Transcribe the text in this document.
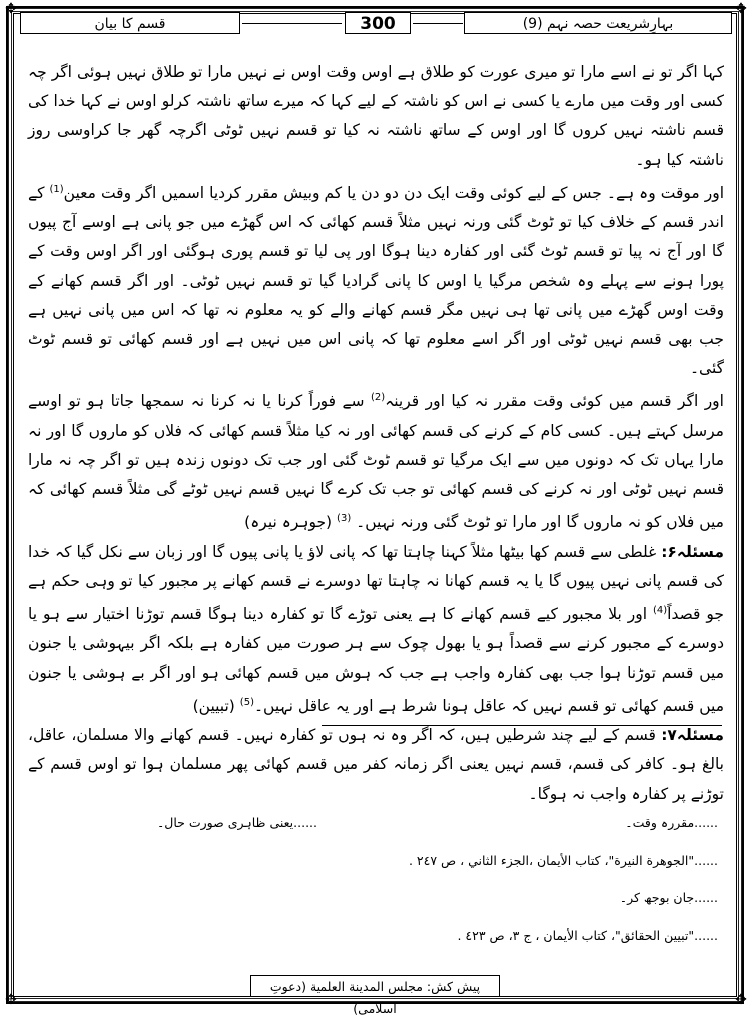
✥	✥
✥	✥
بہارِشریعت حصہ نہم (9)
300
قسم کا بیان

کہا اگر تو نے اسے مارا تو میری عورت کو طلاق ہے اوس وقت اوس نے نہیں مارا تو طلاق نہیں ہوئی اگر چہ کسی اور وقت میں مارے یا کسی نے اس کو ناشتہ کے لیے کہا کہ میرے ساتھ ناشتہ کرلو اوس نے کہا خدا کی قسم ناشتہ نہیں کروں گا اور اوس کے ساتھ ناشتہ نہ کیا تو قسم نہیں ٹوٹی اگرچہ گھر جا کراوسی روز ناشتہ کیا ہو۔

اور موقت وہ ہے۔ جس کے لیے کوئی وقت ایک دن دو دن یا کم وبیش مقرر کردیا اسمیں اگر وقت معین$^{(1)}$ کے اندر قسم کے خلاف کیا تو ٹوٹ گئی ورنہ نہیں مثلاً قسم کھائی کہ اس گھڑے میں جو پانی ہے اوسے آج پیوں گا اور آج نہ پیا تو قسم ٹوٹ گئی اور کفارہ دینا ہوگا اور پی لیا تو قسم پوری ہوگئی اور اگر اوس وقت کے پورا ہونے سے پہلے وہ شخص مرگیا یا اوس کا پانی گرادیا گیا تو قسم نہیں ٹوٹی۔ اور اگر قسم کھانے کے وقت اوس گھڑے میں پانی تھا ہی نہیں مگر قسم کھانے والے کو یہ معلوم نہ تھا کہ اس میں پانی نہیں ہے جب بھی قسم نہیں ٹوٹی اور اگر اسے معلوم تھا کہ پانی اس میں نہیں ہے اور قسم کھائی تو قسم ٹوٹ گئی۔

اور اگر قسم میں کوئی وقت مقرر نہ کیا اور قرینہ$^{(2)}$ سے فوراً کرنا یا نہ کرنا نہ سمجھا جاتا ہو تو اوسے مرسل کہتے ہیں۔ کسی کام کے کرنے کی قسم کھائی اور نہ کیا مثلاً قسم کھائی کہ فلاں کو ماروں گا اور نہ مارا یہاں تک کہ دونوں میں سے ایک مرگیا تو قسم ٹوٹ گئی اور جب تک دونوں زندہ ہیں تو اگر چہ نہ مارا قسم نہیں ٹوٹی اور نہ کرنے کی قسم کھائی تو جب تک کرے گا نہیں قسم نہیں ٹوٹے گی مثلاً قسم کھائی کہ میں فلاں کو نہ ماروں گا اور مارا تو ٹوٹ گئی ورنہ نہیں۔ $^{(3)}$ (جوہرہ نیرہ)

مسئلہ۶: غلطی سے قسم کھا بیٹھا مثلاً کہنا چاہتا تھا کہ پانی لاؤ یا پانی پیوں گا اور زبان سے نکل گیا کہ خدا کی قسم پانی نہیں پیوں گا یا یہ قسم کھانا نہ چاہتا تھا دوسرے نے قسم کھانے پر مجبور کیا تو وہی حکم ہے جو قصداً$^{(4)}$ اور بلا مجبور کیے قسم کھانے کا ہے یعنی توڑے گا تو کفارہ دینا ہوگا قسم توڑنا اختیار سے ہو یا دوسرے کے مجبور کرنے سے قصداً ہو یا بھول چوک سے ہر صورت میں کفارہ ہے بلکہ اگر بیہوشی یا جنون میں قسم توڑنا ہوا جب بھی کفارہ واجب ہے جب کہ ہوش میں قسم کھائی ہو اور اگر بے ہوشی یا جنون میں قسم کھائی تو قسم نہیں کہ عاقل ہونا شرط ہے اور یہ عاقل نہیں۔$^{(5)}$ (تبیین)

مسئلہ۷: قسم کے لیے چند شرطیں ہیں، کہ اگر وہ نہ ہوں تو کفارہ نہیں۔ قسم کھانے والا مسلمان، عاقل، بالغ ہو۔ کافر کی قسم، قسم نہیں یعنی اگر زمانہ کفر میں قسم کھائی پھر مسلمان ہوا تو اوس قسم کے توڑنے پر کفارہ واجب نہ ہوگا۔

......مقررہ وقت۔
......یعنی ظاہری صورت حال۔
......"الجوهرة النيرة"، كتاب الأيمان ،الجزء الثاني ، ص ٢٤٧ .
......جان بوجھ کر۔
......"تبيين الحقائق"، كتاب الأيمان ، ج ٣، ص ٤٢٣ .
پیش کش: مجلس المدينة العلمية (دعوتِ اسلامی)
